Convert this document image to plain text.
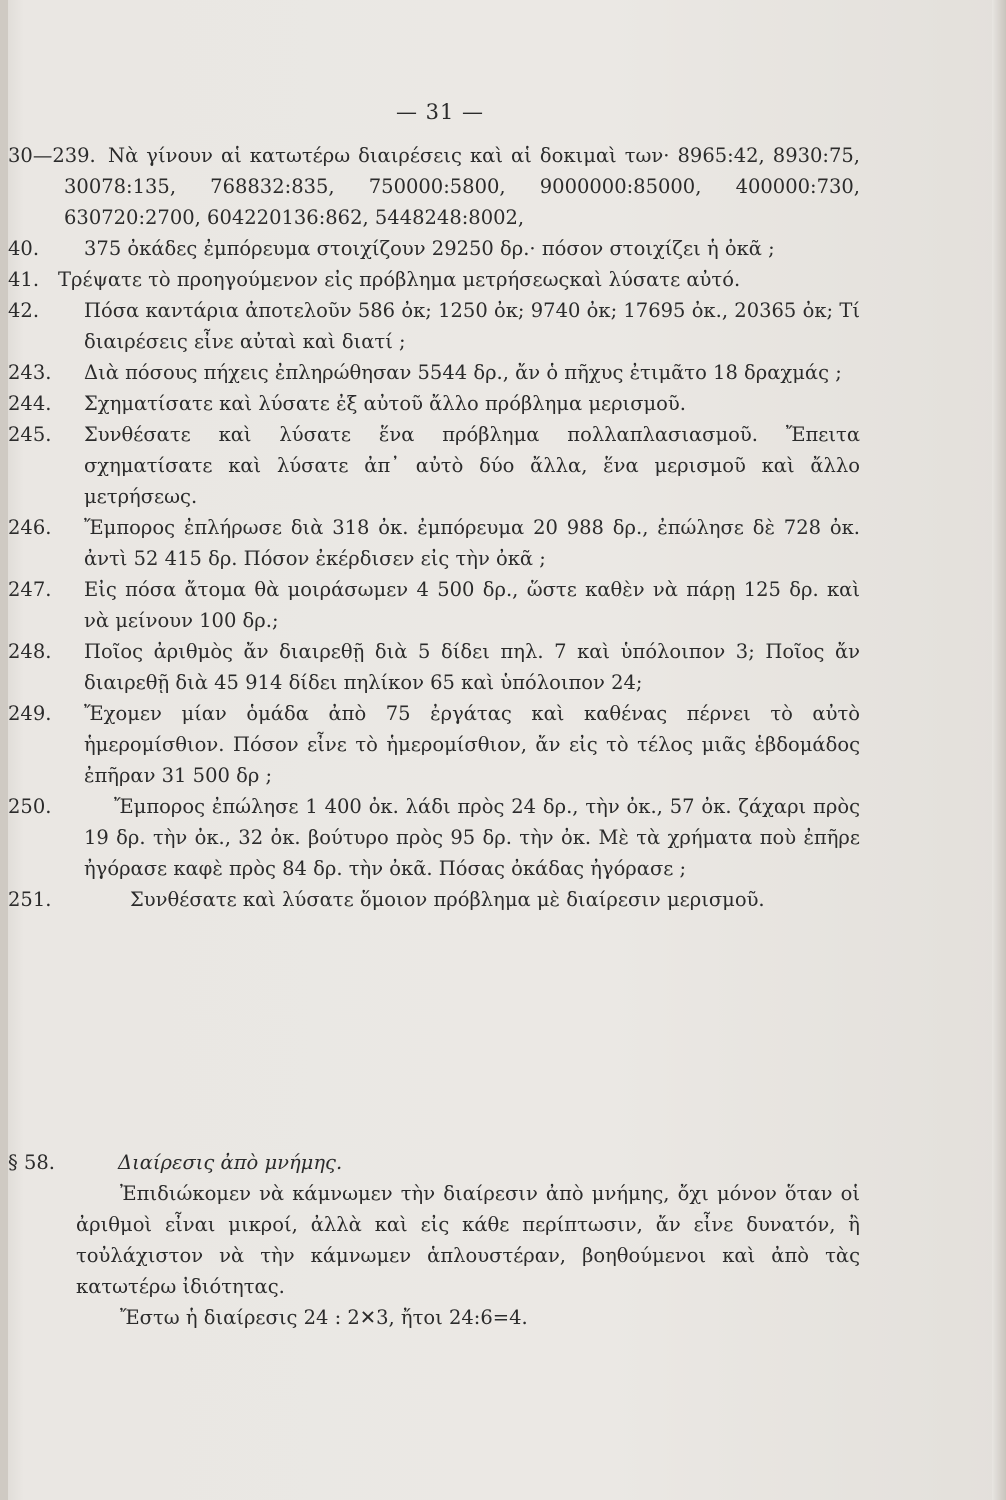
— 31 —
30—239. Νὰ γίνουν αἱ κατωτέρω διαιρέσεις καὶ αἱ δοκιμαὶ των· 8965:42, 8930:75, 30078:135, 768832:835, 750000:5800, 9000000:85000, 400000:730, 630720:2700, 604220136:862, 5448248:8002,
40. 375 ὀκάδες ἐμπόρευμα στοιχίζουν 29250 δρ.· πόσον στοιχίζει ἡ ὀκᾶ ;
41. Τρέψατε τὸ προηγούμενον εἰς πρόβλημα μετρήσεωςκαὶ λύσατε αὐτό.
42. Πόσα καντάρια ἀποτελοῦν 586 ὀκ; 1250 ὀκ; 9740 ὀκ; 17695 ὀκ., 20365 ὀκ; Τί διαιρέσεις εἶνε αὐταὶ καὶ διατί ;
243. Διὰ πόσους πήχεις ἐπληρώθησαν 5544 δρ., ἄν ὁ πῆχυς ἐτιμᾶτο 18 δραχμάς ;
244. Σχηματίσατε καὶ λύσατε ἐξ αὐτοῦ ἄλλο πρόβλημα μερισμοῦ.
245. Συνθέσατε καὶ λύσατε ἕνα πρόβλημα πολλαπλασιασμοῦ. Ἔπειτα σχηματίσατε καὶ λύσατε ἀπ᾿ αὐτὸ δύο ἄλλα, ἕνα μερισμοῦ καὶ ἄλλο μετρήσεως.
246. Ἔμπορος ἐπλήρωσε διὰ 318 ὀκ. ἐμπόρευμα 20 988 δρ., ἐπώλησε δὲ 728 ὀκ. ἀντὶ 52 415 δρ. Πόσον ἐκέρδισεν εἰς τὴν ὀκᾶ ;
247. Εἰς πόσα ἄτομα θὰ μοιράσωμεν 4 500 δρ., ὥστε καθὲν νὰ πάρῃ 125 δρ. καὶ νὰ μείνουν 100 δρ.;
248. Ποῖος ἀριθμὸς ἄν διαιρεθῇ διὰ 5 δίδει πηλ. 7 καὶ ὑπόλοιπον 3; Ποῖος ἄν διαιρεθῇ διὰ 45 914 δίδει πηλίκον 65 καὶ ὑπόλοιπον 24;
249. Ἔχομεν μίαν ὁμάδα ἀπὸ 75 ἐργάτας καὶ καθένας πέρνει τὸ αὐτὸ ἡμερομίσθιον. Πόσον εἶνε τὸ ἡμερομίσθιον, ἄν εἰς τὸ τέλος μιᾶς ἑβδομάδος ἐπῆραν 31 500 δρ ;
250.	Ἔμπορος ἐπώλησε 1 400 ὀκ. λάδι πρὸς 24 δρ., τὴν ὀκ., 57 ὀκ. ζάχαρι πρὸς 19 δρ. τὴν ὀκ., 32 ὀκ. βούτυρο πρὸς 95 δρ. τὴν ὀκ. Μὲ τὰ χρήματα ποὺ ἐπῆρε ἠγόρασε καφὲ πρὸς 84 δρ. τὴν ὀκᾶ. Πόσας ὀκάδας ἠγόρασε ;
251.	Συνθέσατε καὶ λύσατε ὅμοιον πρόβλημα μὲ διαίρεσιν μερισμοῦ.
§ 58.	Διαίρεσις ἀπὸ μνήμης.
Ἐπιδιώκομεν νὰ κάμνωμεν τὴν διαίρεσιν ἀπὸ μνήμης, ὄχι μόνον ὅταν οἱ ἀριθμοὶ εἶναι μικροί, ἀλλὰ καὶ εἰς κάθε περίπτωσιν, ἄν εἶνε δυνατόν, ἢ τοὐλάχιστον νὰ τὴν κάμνωμεν ἁπλουστέραν, βοηθούμενοι καὶ ἀπὸ τὰς κατωτέρω ἰδιότητας.
Ἔστω ἡ διαίρεσις 24 : 2✕3, ἤτοι 24:6=4.
